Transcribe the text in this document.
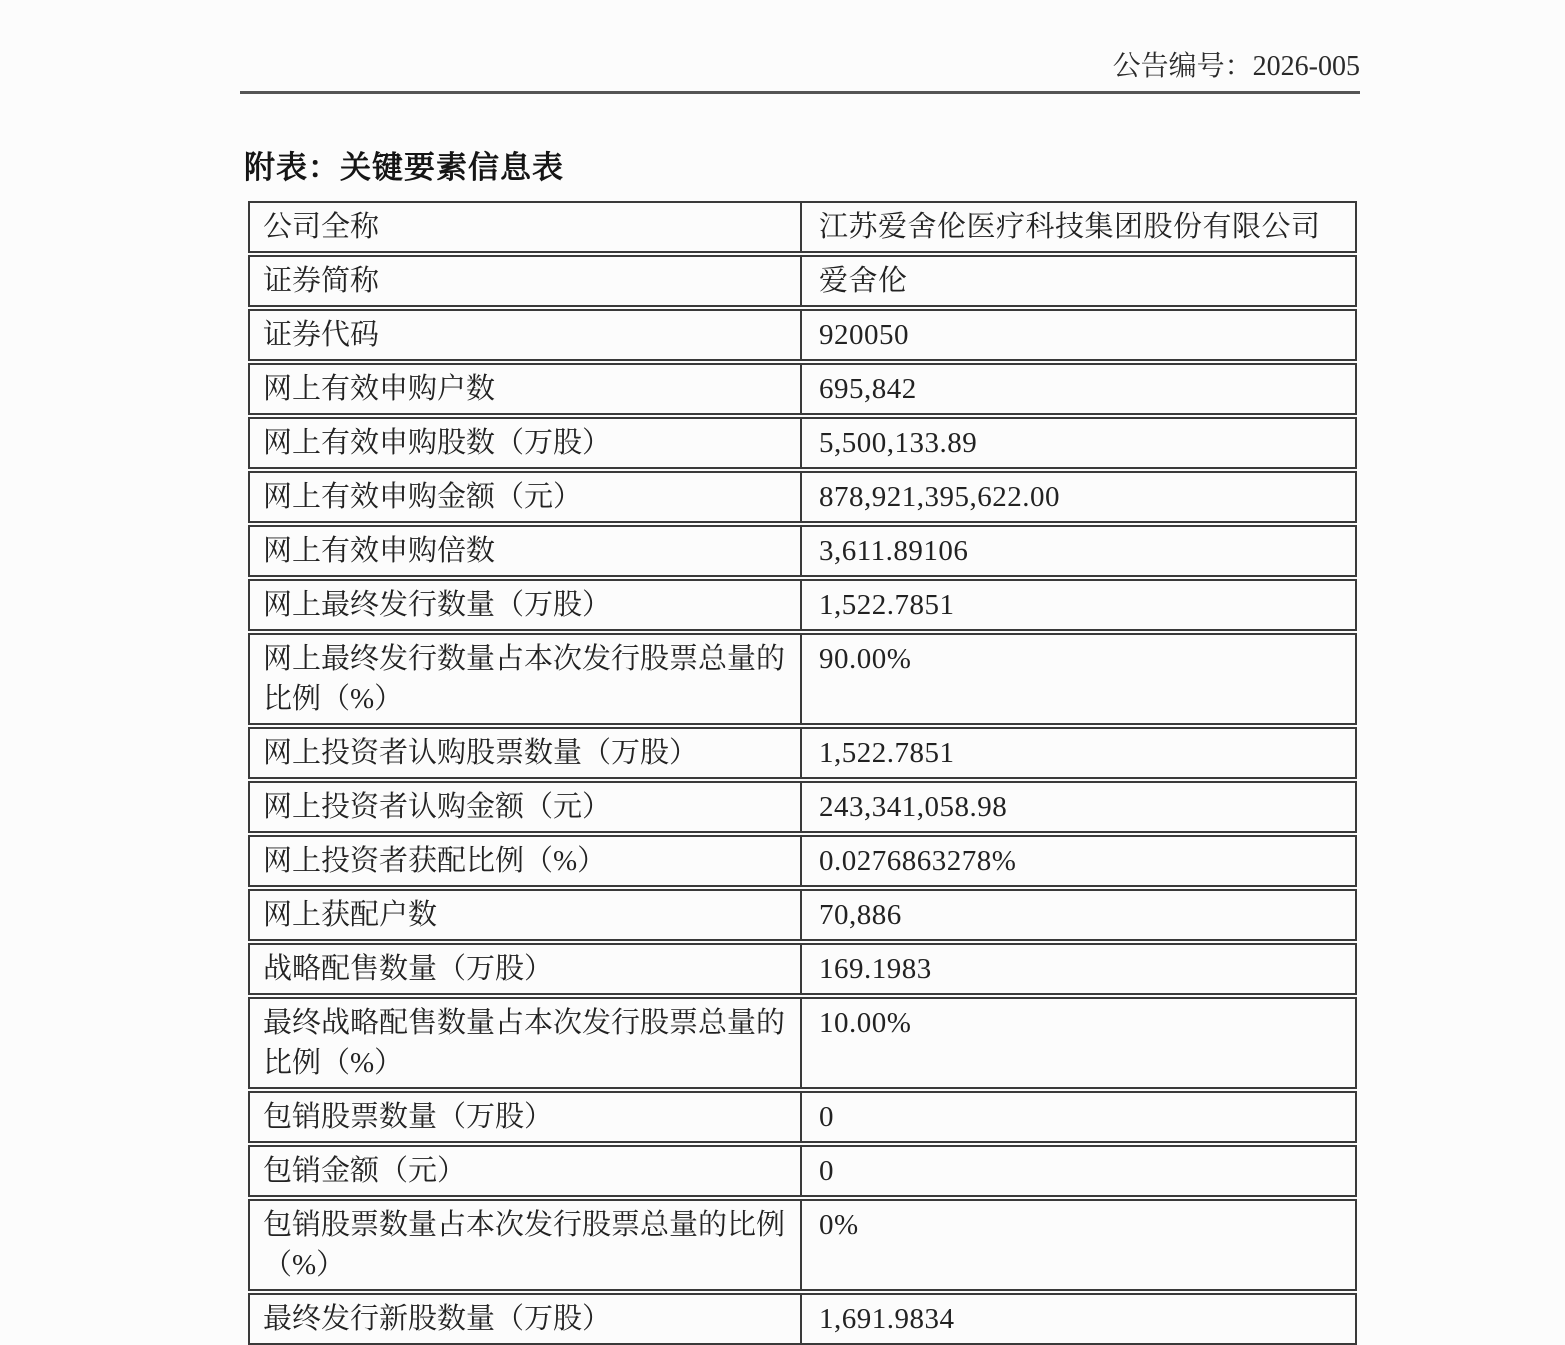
公告编号：2026-005
附表：关键要素信息表
公司全称	江苏爱舍伦医疗科技集团股份有限公司
证券简称	爱舍伦
证券代码	920050
网上有效申购户数	695,842
网上有效申购股数（万股）	5,500,133.89
网上有效申购金额（元）	878,921,395,622.00
网上有效申购倍数	3,611.89106
网上最终发行数量（万股）	1,522.7851
网上最终发行数量占本次发行股票总量的比例（%）	90.00%
网上投资者认购股票数量（万股）	1,522.7851
网上投资者认购金额（元）	243,341,058.98
网上投资者获配比例（%）	0.0276863278%
网上获配户数	70,886
战略配售数量（万股）	169.1983
最终战略配售数量占本次发行股票总量的比例（%）	10.00%
包销股票数量（万股）	0
包销金额（元）	0
包销股票数量占本次发行股票总量的比例（%）	0%
最终发行新股数量（万股）	1,691.9834
